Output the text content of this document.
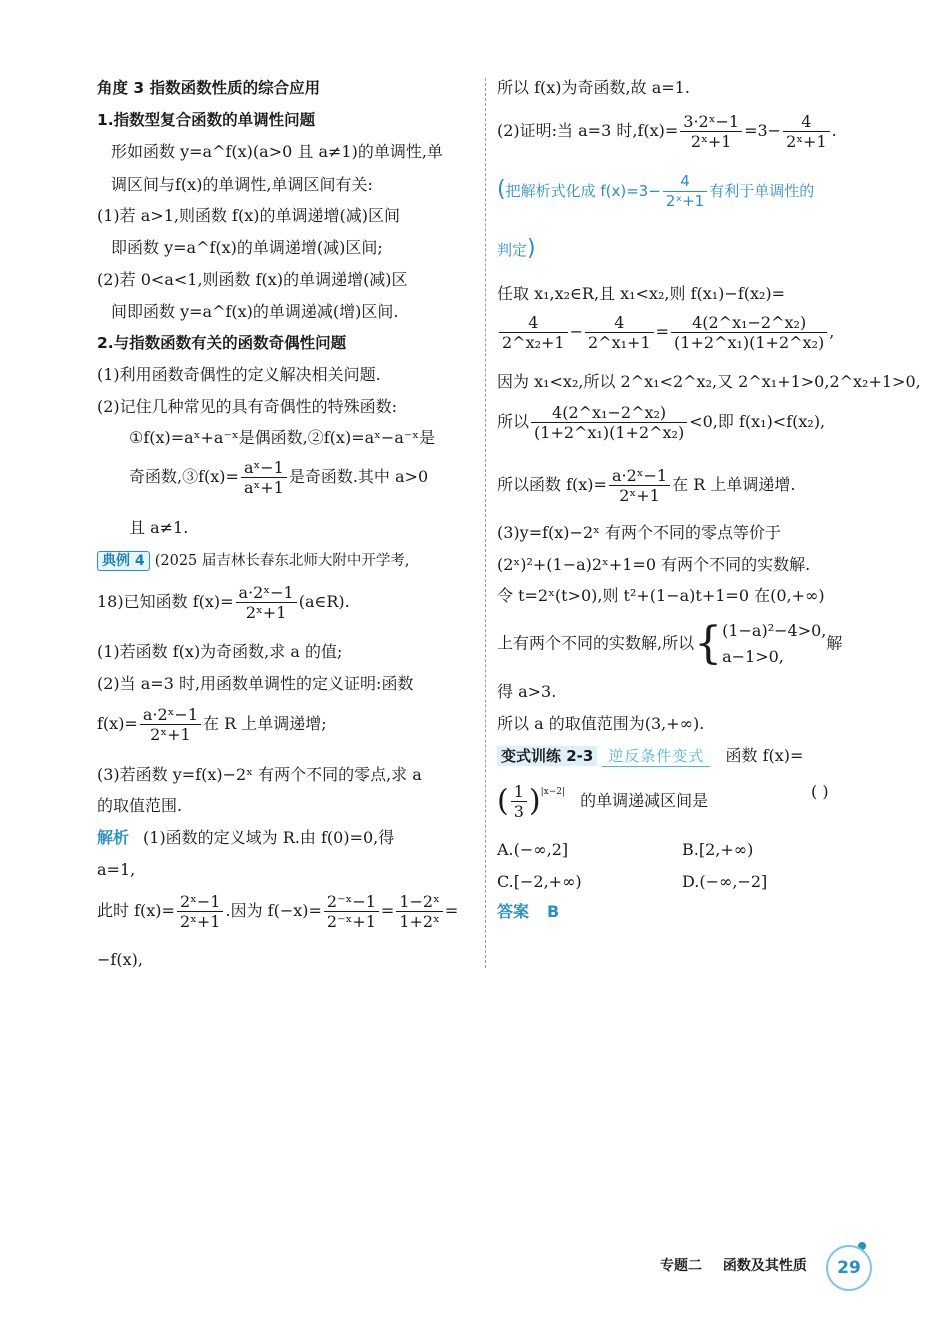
角度 3 指数函数性质的综合应用
1.指数型复合函数的单调性问题
形如函数 y=a^f(x)(a>0 且 a≠1)的单调性,单
调区间与f(x)的单调性,单调区间有关:
(1)若 a>1,则函数 f(x)的单调递增(减)区间
即函数 y=a^f(x)的单调递增(减)区间;
(2)若 0<a<1,则函数 f(x)的单调递增(减)区
间即函数 y=a^f(x)的单调递减(增)区间.
2.与指数函数有关的函数奇偶性问题
(1)利用函数奇偶性的定义解决相关问题.
(2)记住几种常见的具有奇偶性的特殊函数:
①f(x)=aˣ+a⁻ˣ是偶函数,②f(x)=aˣ−a⁻ˣ是
奇函数,③f(x)= $\frac{\text{aˣ−1}}{\text{aˣ+1}}$ 是奇函数.其中 a>0
且 a≠1.
典例 4 (2025 届吉林长春东北师大附中开学考,
18)已知函数 $f(x)= \frac{\text{a·2ˣ−1}}{\text{2ˣ+1}}$ (a∈R).
(1)若函数 f(x)为奇函数,求 a 的值;
(2)当 a=3 时,用函数单调性的定义证明:函数
$f(x)= \frac{\text{a·2ˣ−1}}{\text{2ˣ+1}}$ 在 R 上单调递增;
(3)若函数 y=f(x)−2ˣ 有两个不同的零点,求 a
的取值范围.
解析 (1)函数的定义域为 R.由 f(0)=0,得
a=1,
此时 $f(x)= \frac{\text{2ˣ−1}}{\text{2ˣ+1}}$ .因为 $f(-x)= \frac{\text{2⁻ˣ−1}}{\text{2⁻ˣ+1}} = \frac{\text{1−2ˣ}}{\text{1+2ˣ}}$ =
−f(x),
所以 f(x)为奇函数,故 a=1.
(2)证明:当 a=3 时$,f(x)= \frac{\text{3·2ˣ−1}}{\text{2ˣ+1}} =3- \frac{4}{\text{2ˣ+1}}$ .
(把解析式化成 $f(x)=3- \frac{4}{\text{2ˣ+1}}$ 有利于单调性的
判定)
任取 x₁,x₂∈R,且 x₁<x₂,则 f(x₁)−f(x₂)=
$\frac{4}{\text{2\textasciicircum{}x₂+1}} - \frac{4}{\text{2\textasciicircum{}x₁+1}} = \frac{\text{4(2\textasciicircum{}x₁−2\textasciicircum{}x₂)}}{\text{(1+2\textasciicircum{}x₁)(1+2\textasciicircum{}x₂)}}$ ,
因为 x₁<x₂,所以 2^x₁<2^x₂,又 2^x₁+1>0,2^x₂+1>0,
所以 $\frac{\text{4(2\textasciicircum{}x₁−2\textasciicircum{}x₂)}}{\text{(1+2\textasciicircum{}x₁)(1+2\textasciicircum{}x₂)}} <0$,即 f(x₁)<f(x₂),
所以函数 $f(x)= \frac{\text{a·2ˣ−1}}{\text{2ˣ+1}}$ 在 R 上单调递增.
(3)y=f(x)−2ˣ 有两个不同的零点等价于
(2ˣ)²+(1−a)2ˣ+1=0 有两个不同的实数解.
令 t=2ˣ(t>0),则 t²+(1−a)t+1=0 在(0,+∞)
上有两个不同的实数解,所以{ (1−a)²−4>0,
a−1>0,
解
得 a>3.
所以 a 的取值范围为(3,+∞).
变式训练 2-3 逆反条件变式 函数 f(x)=
( $\frac{1}{3} )^{|x-2|}$ 的单调递减区间是	( )
A.(−∞,2]	B.[2,+∞)
C.[−2,+∞)	D.(−∞,−2]
答案 B
专题二 函数及其性质	29
